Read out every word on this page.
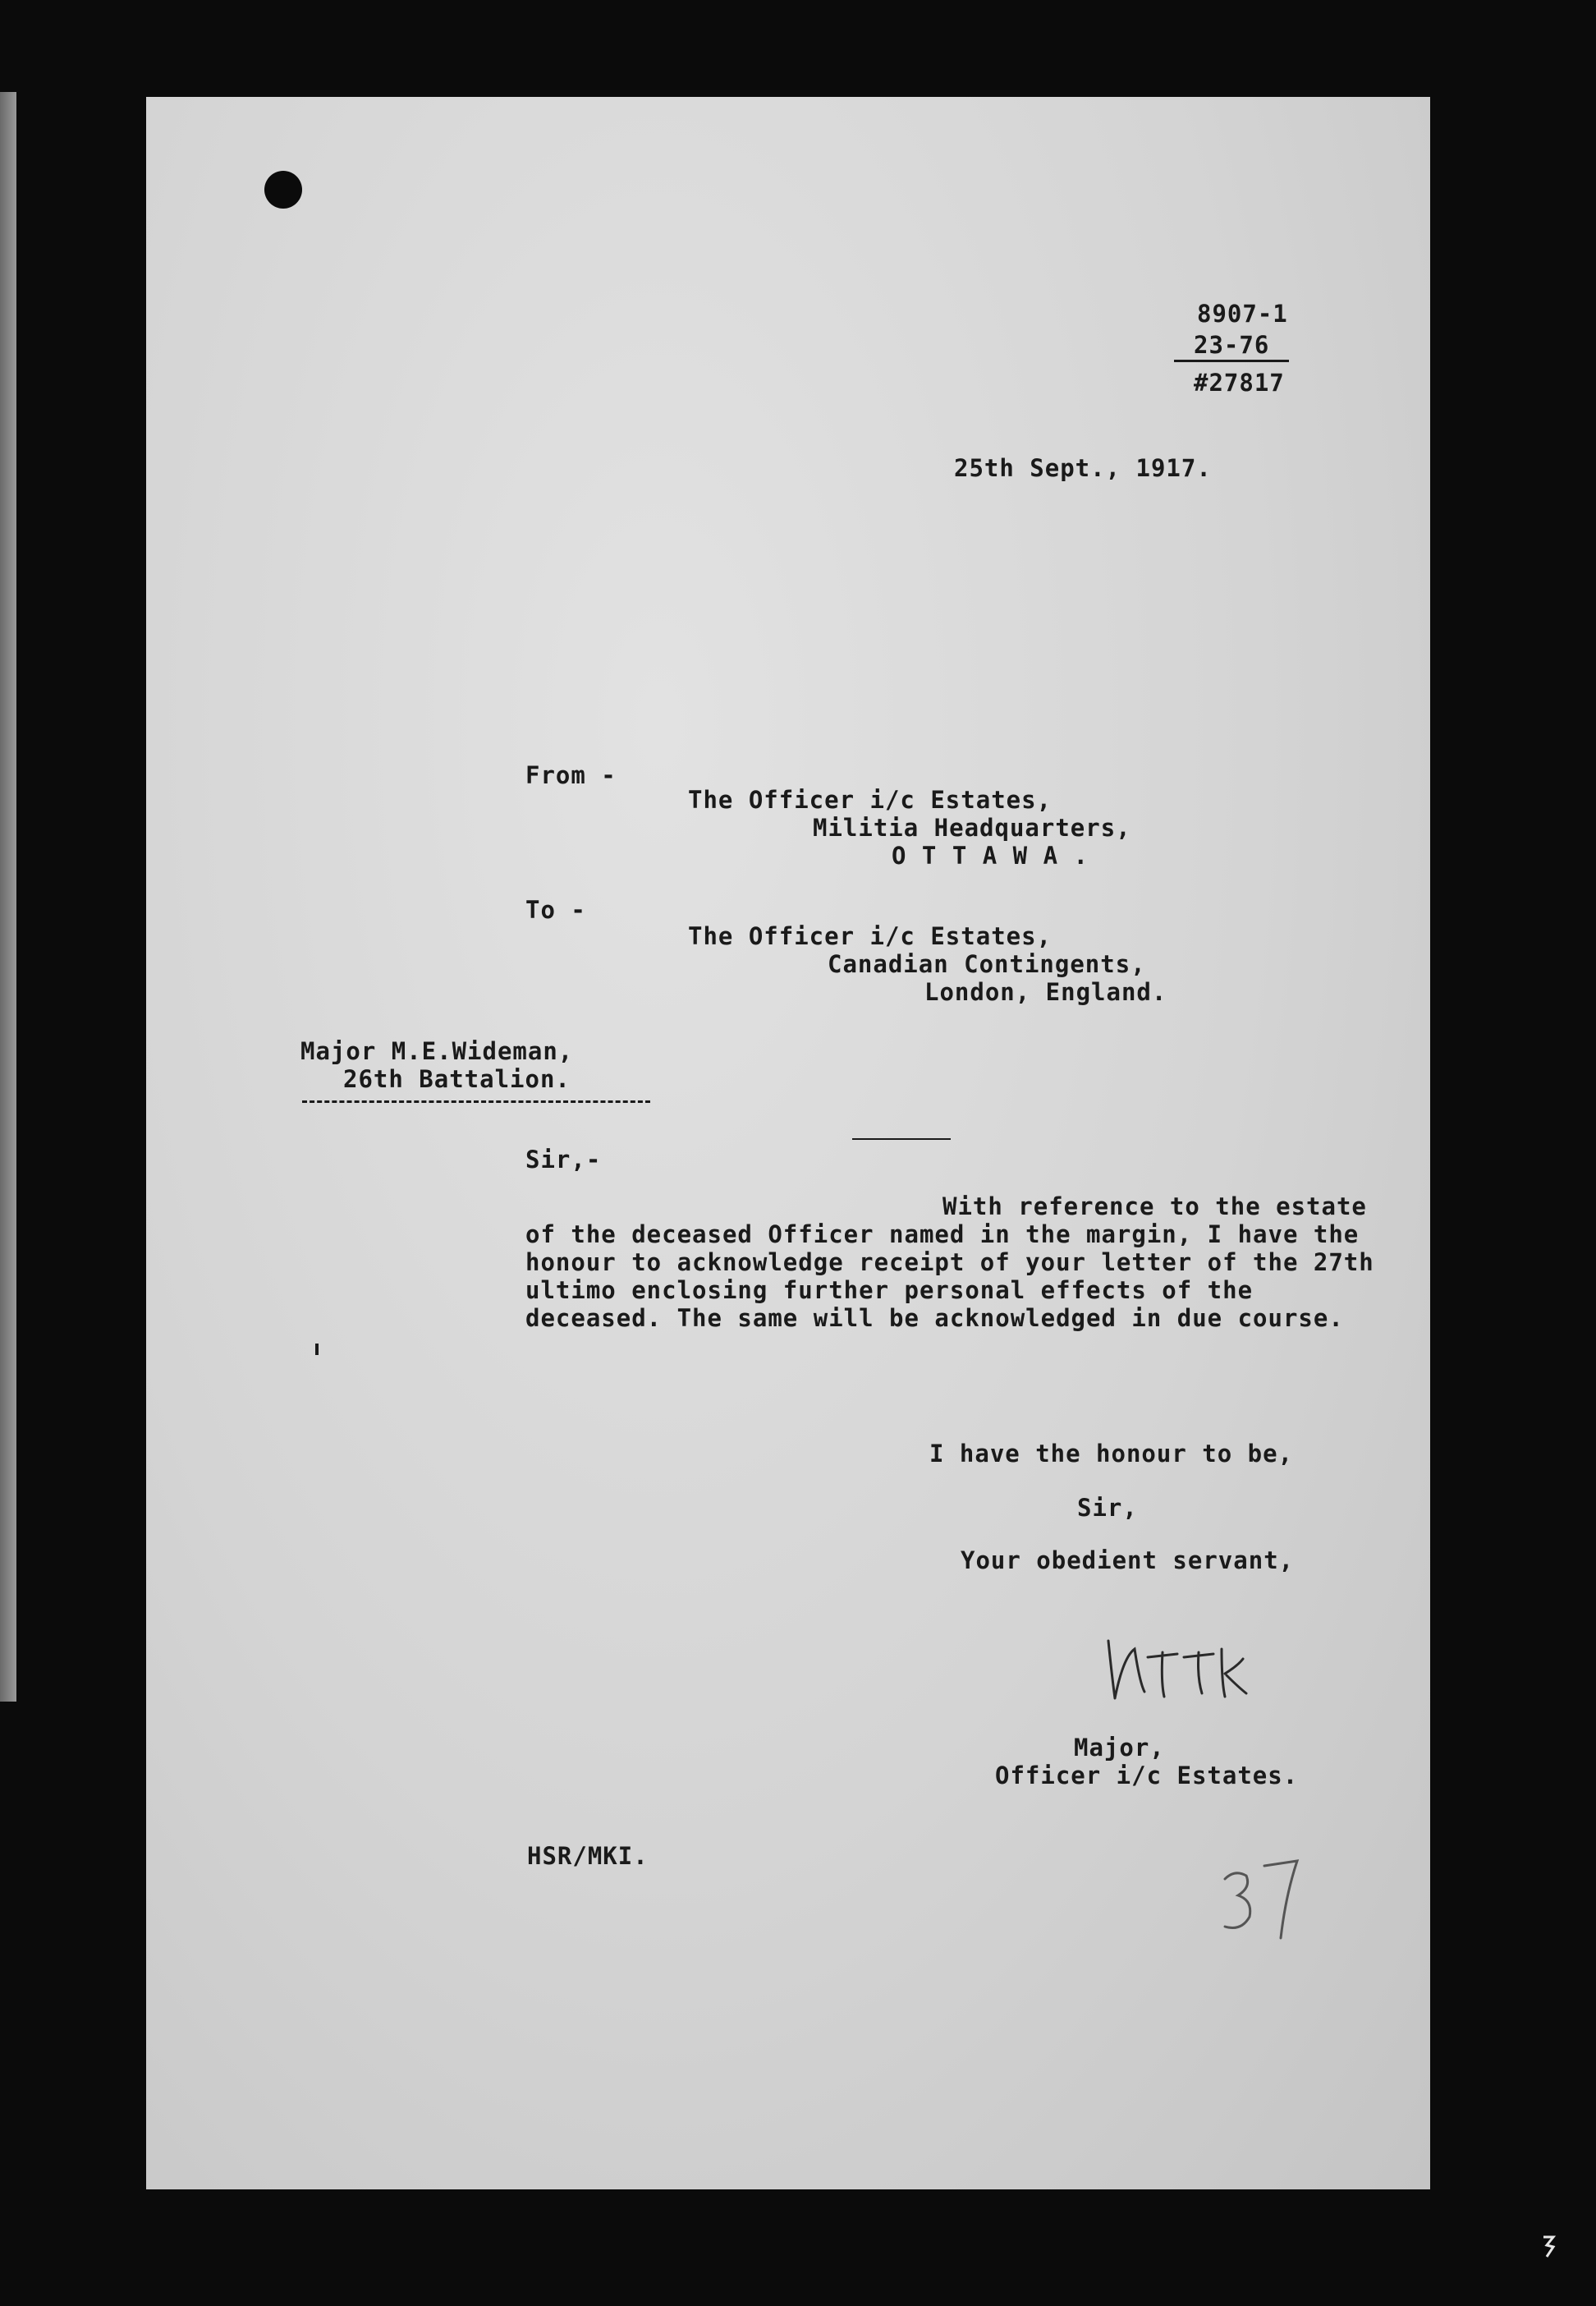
8907-1
23-76
#27817
25th Sept., 1917.
From -
The Officer i/c Estates,
Militia Headquarters,
O T T A W A .
To -
The Officer i/c Estates,
Canadian Contingents,
London, England.
Major M.E.Wideman,
26th Battalion.
Sir,-
With reference to the estate
of the deceased Officer named in the margin, I have the honour to acknowledge receipt of your letter of the 27th ultimo enclosing further personal effects of the deceased. The same will be acknowledged in due course.
I have the honour to be,
Sir,
Your obedient servant,
Major,
Officer i/c Estates.
HSR/MKI.
